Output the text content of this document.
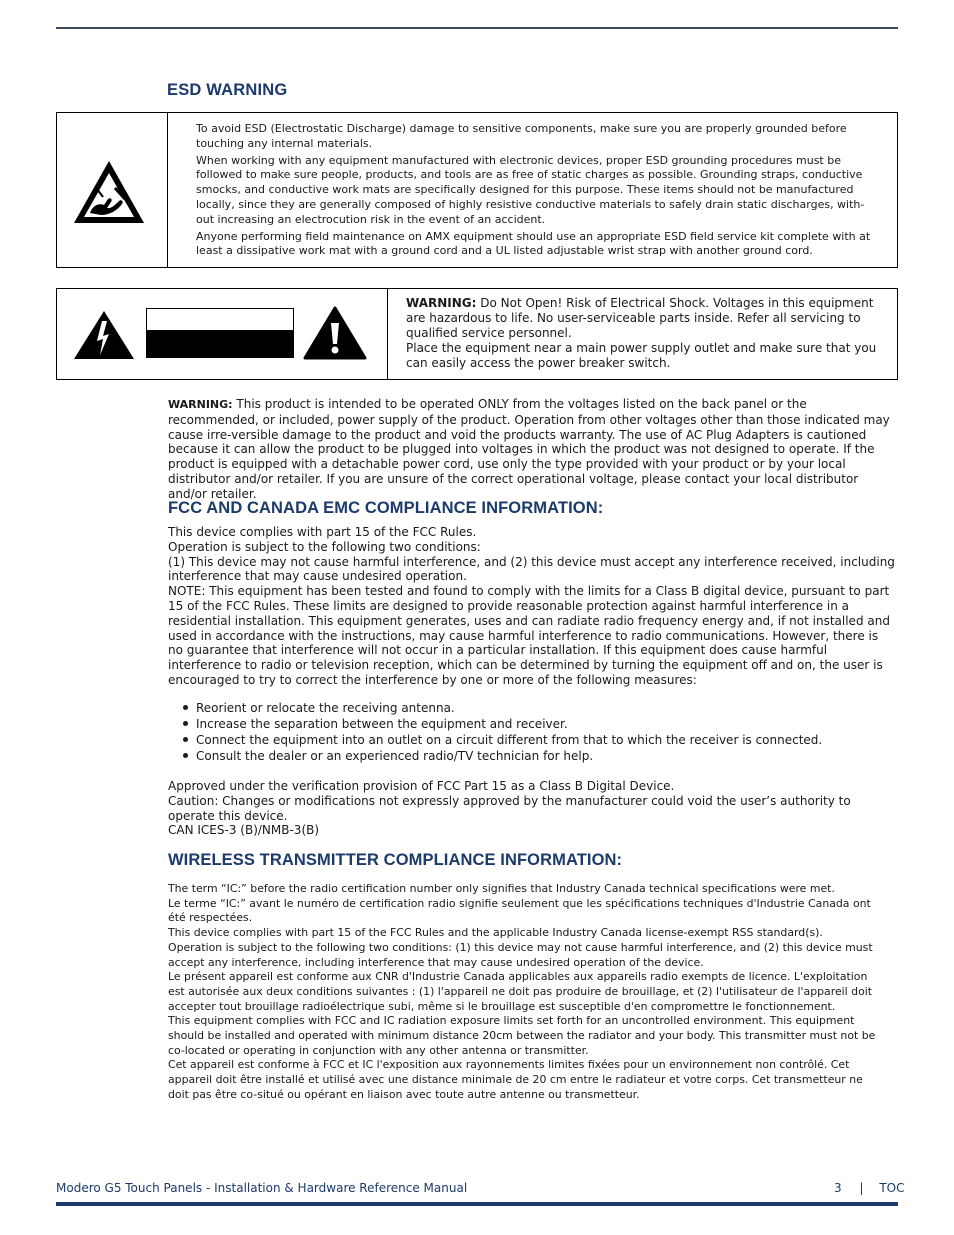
ESD WARNING

To avoid ESD (Electrostatic Discharge) damage to sensitive components, make sure you are properly grounded before touching any internal materials.

When working with any equipment manufactured with electronic devices, proper ESD grounding procedures must be followed to make sure people, products, and tools are as free of static charges as possible. Grounding straps, conductive smocks, and conductive work mats are specifically designed for this purpose. These items should not be manufactured locally, since they are generally composed of highly resistive conductive materials to safely drain static discharges, with-out increasing an electrocution risk in the event of an accident.

Anyone performing field maintenance on AMX equipment should use an appropriate ESD field service kit complete with at least a dissipative work mat with a ground cord and a UL listed adjustable wrist strap with another ground cord.

WARNING: Do Not Open! Risk of Electrical Shock. Voltages in this equipment are hazardous to life. No user-serviceable parts inside. Refer all servicing to qualified service personnel.

Place the equipment near a main power supply outlet and make sure that you can easily access the power breaker switch.

WARNING: This product is intended to be operated ONLY from the voltages listed on the back panel or the recommended, or included, power supply of the product. Operation from other voltages other than those indicated may cause irre-versible damage to the product and void the products warranty. The use of AC Plug Adapters is cautioned because it can allow the product to be plugged into voltages in which the product was not designed to operate. If the product is equipped with a detachable power cord, use only the type provided with your product or by your local distributor and/or retailer. If you are unsure of the correct operational voltage, please contact your local distributor and/or retailer.

FCC AND CANADA EMC COMPLIANCE INFORMATION:

This device complies with part 15 of the FCC Rules.

Operation is subject to the following two conditions:

(1) This device may not cause harmful interference, and (2) this device must accept any interference received, including interference that may cause undesired operation.

NOTE: This equipment has been tested and found to comply with the limits for a Class B digital device, pursuant to part 15 of the FCC Rules. These limits are designed to provide reasonable protection against harmful interference in a residential installation. This equipment generates, uses and can radiate radio frequency energy and, if not installed and used in accordance with the instructions, may cause harmful interference to radio communications. However, there is no guarantee that interference will not occur in a particular installation. If this equipment does cause harmful interference to radio or television reception, which can be determined by turning the equipment off and on, the user is encouraged to try to correct the interference by one or more of the following measures:

Reorient or relocate the receiving antenna.
Increase the separation between the equipment and receiver.
Connect the equipment into an outlet on a circuit different from that to which the receiver is connected.
Consult the dealer or an experienced radio/TV technician for help.

Approved under the verification provision of FCC Part 15 as a Class B Digital Device.

Caution: Changes or modifications not expressly approved by the manufacturer could void the user’s authority to operate this device.

CAN ICES-3 (B)/NMB-3(B)

WIRELESS TRANSMITTER COMPLIANCE INFORMATION:

The term “IC:” before the radio certification number only signifies that Industry Canada technical specifications were met.

Le terme “IC:” avant le numéro de certification radio signifie seulement que les spécifications techniques d'Industrie Canada ont été respectées.

This device complies with part 15 of the FCC Rules and the applicable Industry Canada license-exempt RSS standard(s). Operation is subject to the following two conditions: (1) this device may not cause harmful interference, and (2) this device must accept any interference, including interference that may cause undesired operation of the device.

Le présent appareil est conforme aux CNR d'Industrie Canada applicables aux appareils radio exempts de licence. L'exploitation est autorisée aux deux conditions suivantes : (1) l'appareil ne doit pas produire de brouillage, et (2) l'utilisateur de l'appareil doit accepter tout brouillage radioélectrique subi, même si le brouillage est susceptible d'en compromettre le fonctionnement.

This equipment complies with FCC and IC radiation exposure limits set forth for an uncontrolled environment. This equipment should be installed and operated with minimum distance 20cm between the radiator and your body. This transmitter must not be co-located or operating in conjunction with any other antenna or transmitter.

Cet appareil est conforme à FCC et IC l'exposition aux rayonnements limites fixées pour un environnement non contrôlé. Cet appareil doit être installé et utilisé avec une distance minimale de 20 cm entre le radiateur et votre corps. Cet transmetteur ne doit pas être co-situé ou opérant en liaison avec toute autre antenne ou transmetteur.

Modero G5 Touch Panels - Installation & Hardware Reference Manual	3 | TOC
